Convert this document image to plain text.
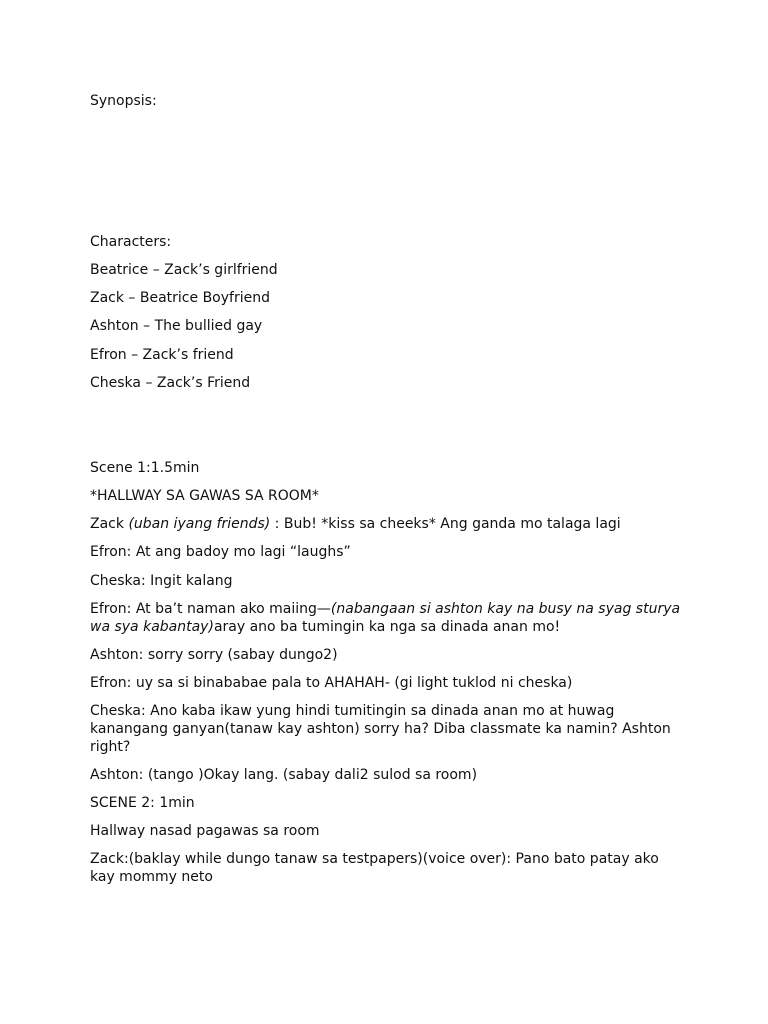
Synopsis:
Characters:
Beatrice – Zack’s girlfriend
Zack – Beatrice Boyfriend
Ashton – The bullied gay
Efron – Zack’s friend
Cheska – Zack’s Friend
Scene 1:1.5min
*HALLWAY SA GAWAS SA ROOM*
Zack (uban iyang friends) : Bub! *kiss sa cheeks* Ang ganda mo talaga lagi
Efron: At ang badoy mo lagi “laughs”
Cheska: Ingit kalang
Efron: At ba’t naman ako maiing—(nabangaan si ashton kay na busy na syag sturya wa sya kabantay)aray ano ba tumingin ka nga sa dinada anan mo!
Ashton: sorry sorry (sabay dungo2)
Efron: uy sa si binababae pala to AHAHAH- (gi light tuklod ni cheska)
Cheska: Ano kaba ikaw yung hindi tumitingin sa dinada anan mo at huwag kanangang ganyan(tanaw kay ashton) sorry ha? Diba classmate ka namin? Ashton right?
Ashton: (tango )Okay lang. (sabay dali2 sulod sa room)
SCENE 2: 1min
Hallway nasad pagawas sa room
Zack:(baklay while dungo tanaw sa testpapers)(voice over): Pano bato patay ako kay mommy neto
